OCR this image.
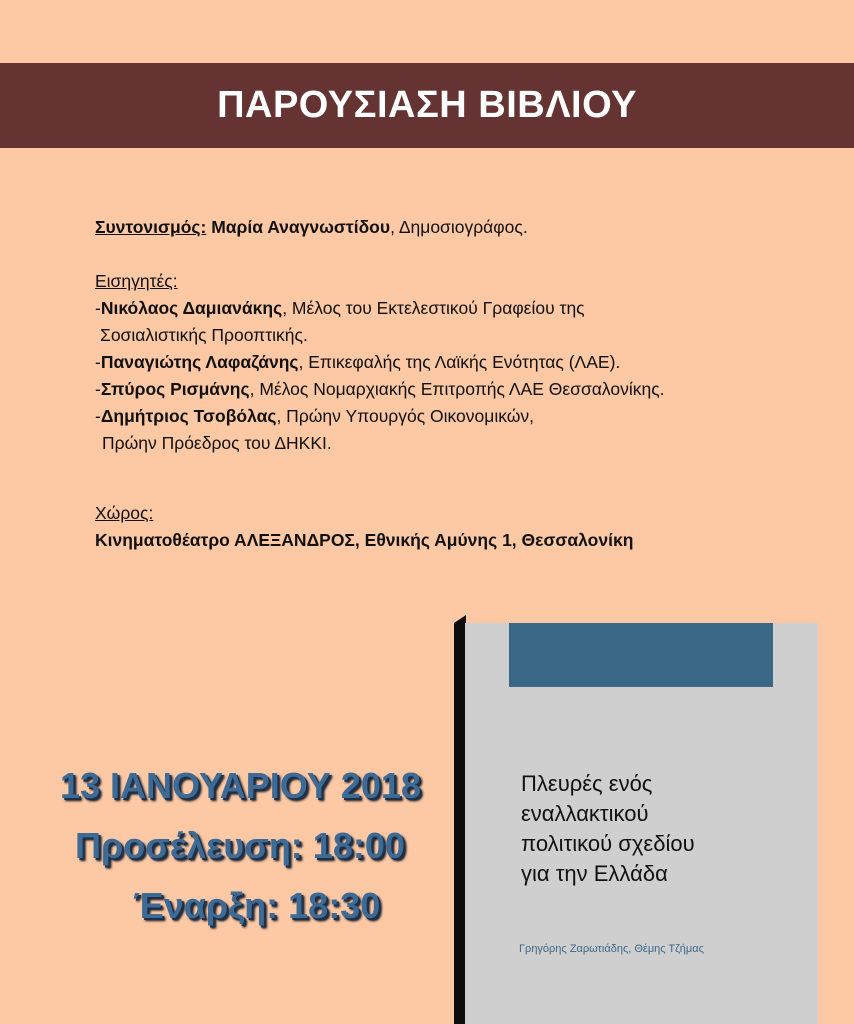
ΠΑΡΟΥΣΙΑΣΗ ΒΙΒΛΙΟΥ
Συντονισμός: Μαρία Αναγνωστίδου, Δημοσιογράφος.
Εισηγητές:
-Νικόλαος Δαμιανάκης, Μέλος του Εκτελεστικού Γραφείου της
Σοσιαλιστικής Προοπτικής.
-Παναγιώτης Λαφαζάνης, Επικεφαλής της Λαϊκής Ενότητας (ΛΑΕ).
-Σπύρος Ρισμάνης, Μέλος Νομαρχιακής Επιτροπής ΛΑΕ Θεσσαλονίκης.
-Δημήτριος Τσοβόλας, Πρώην Υπουργός Οικονομικών,
Πρώην Πρόεδρος του ΔΗΚΚΙ.
Χώρος:
Κινηματοθέατρο ΑΛΕΞΑΝΔΡΟΣ, Εθνικής Αμύνης 1, Θεσσαλονίκη
13 ΙΑΝΟΥΑΡΙΟΥ 2018
Προσέλευση: 18:00
Έναρξη: 18:30
Πλευρές ενός
εναλλακτικού
πολιτικού σχεδίου
για την Ελλάδα
Γρηγόρης Ζαρωτιάδης, Θέμης Τζήμας
